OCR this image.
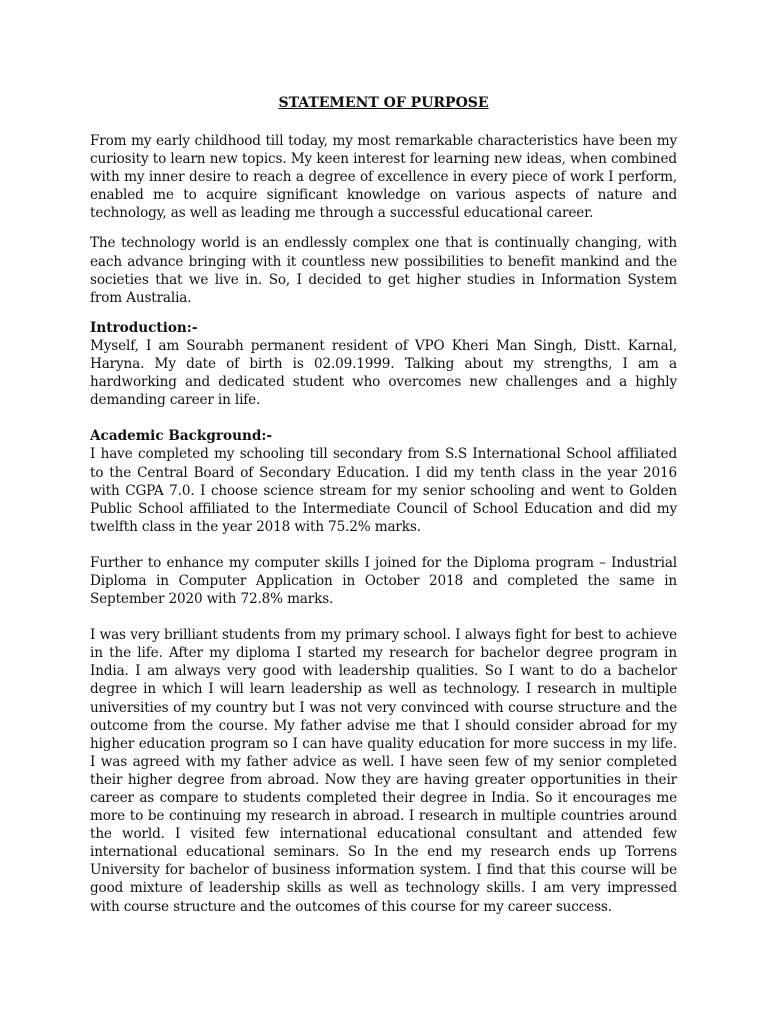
STATEMENT OF PURPOSE

From my early childhood till today, my most remarkable characteristics have been my curiosity to learn new topics. My keen interest for learning new ideas, when combined with my inner desire to reach a degree of excellence in every piece of work I perform, enabled me to acquire significant knowledge on various aspects of nature and technology, as well as leading me through a successful educational career.

The technology world is an endlessly complex one that is continually changing, with each advance bringing with it countless new possibilities to benefit mankind and the societies that we live in. So, I decided to get higher studies in Information System from Australia.

Introduction:-

Myself, I am Sourabh permanent resident of VPO Kheri Man Singh, Distt. Karnal, Haryna. My date of birth is 02.09.1999. Talking about my strengths, I am a hardworking and dedicated student who overcomes new challenges and a highly demanding career in life.

Academic Background:-

I have completed my schooling till secondary from S.S International School affiliated to the Central Board of Secondary Education. I did my tenth class in the year 2016 with CGPA 7.0. I choose science stream for my senior schooling and went to Golden Public School affiliated to the Intermediate Council of School Education and did my twelfth class in the year 2018 with 75.2% marks.

Further to enhance my computer skills I joined for the Diploma program – Industrial Diploma in Computer Application in October 2018 and completed the same in September 2020 with 72.8% marks.

I was very brilliant students from my primary school. I always fight for best to achieve in the life. After my diploma I started my research for bachelor degree program in India. I am always very good with leadership qualities. So I want to do a bachelor degree in which I will learn leadership as well as technology. I research in multiple universities of my country but I was not very convinced with course structure and the outcome from the course. My father advise me that I should consider abroad for my higher education program so I can have quality education for more success in my life. I was agreed with my father advice as well. I have seen few of my senior completed their higher degree from abroad. Now they are having greater opportunities in their career as compare to students completed their degree in India. So it encourages me more to be continuing my research in abroad. I research in multiple countries around the world. I visited few international educational consultant and attended few international educational seminars. So In the end my research ends up Torrens University for bachelor of business information system. I find that this course will be good mixture of leadership skills as well as technology skills. I am very impressed with course structure and the outcomes of this course for my career success.
